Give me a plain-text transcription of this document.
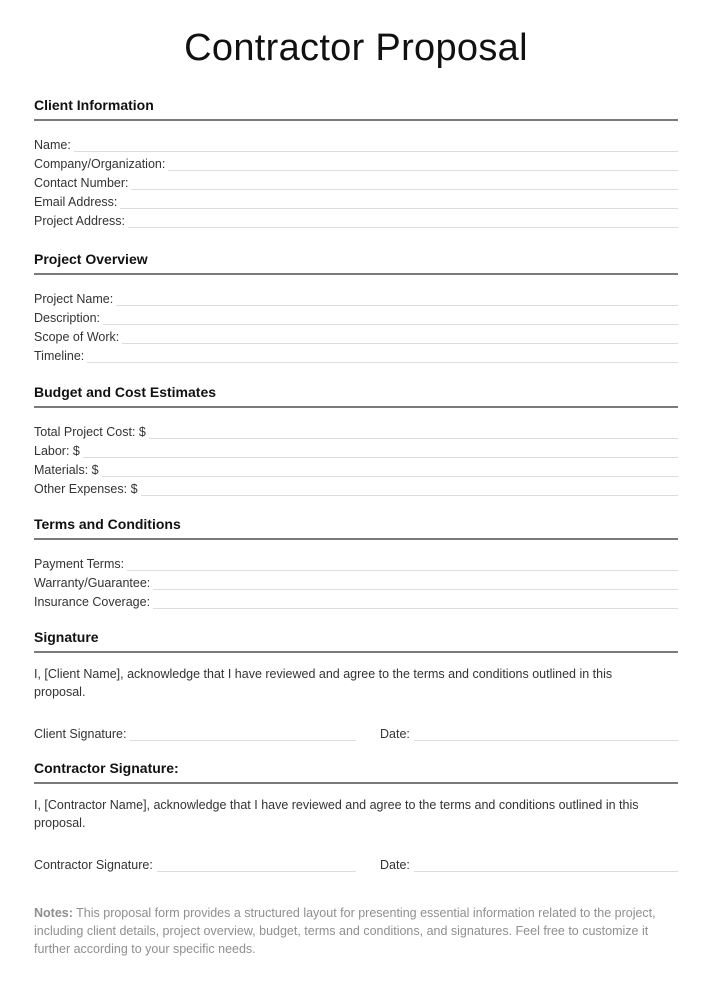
Contractor Proposal
Client Information
Name:
Company/Organization:
Contact Number:
Email Address:
Project Address:
Project Overview
Project Name:
Description:
Scope of Work:
Timeline:
Budget and Cost Estimates
Total Project Cost: $
Labor: $
Materials: $
Other Expenses: $
Terms and Conditions
Payment Terms:
Warranty/Guarantee:
Insurance Coverage:
Signature

I, [Client Name], acknowledge that I have reviewed and agree to the terms and conditions outlined in this proposal.

Client Signature:	Date:
Contractor Signature:

I, [Contractor Name], acknowledge that I have reviewed and agree to the terms and conditions outlined in this proposal.

Contractor Signature:	Date:

Notes: This proposal form provides a structured layout for presenting essential information related to the project, including client details, project overview, budget, terms and conditions, and signatures. Feel free to customize it further according to your specific needs.
